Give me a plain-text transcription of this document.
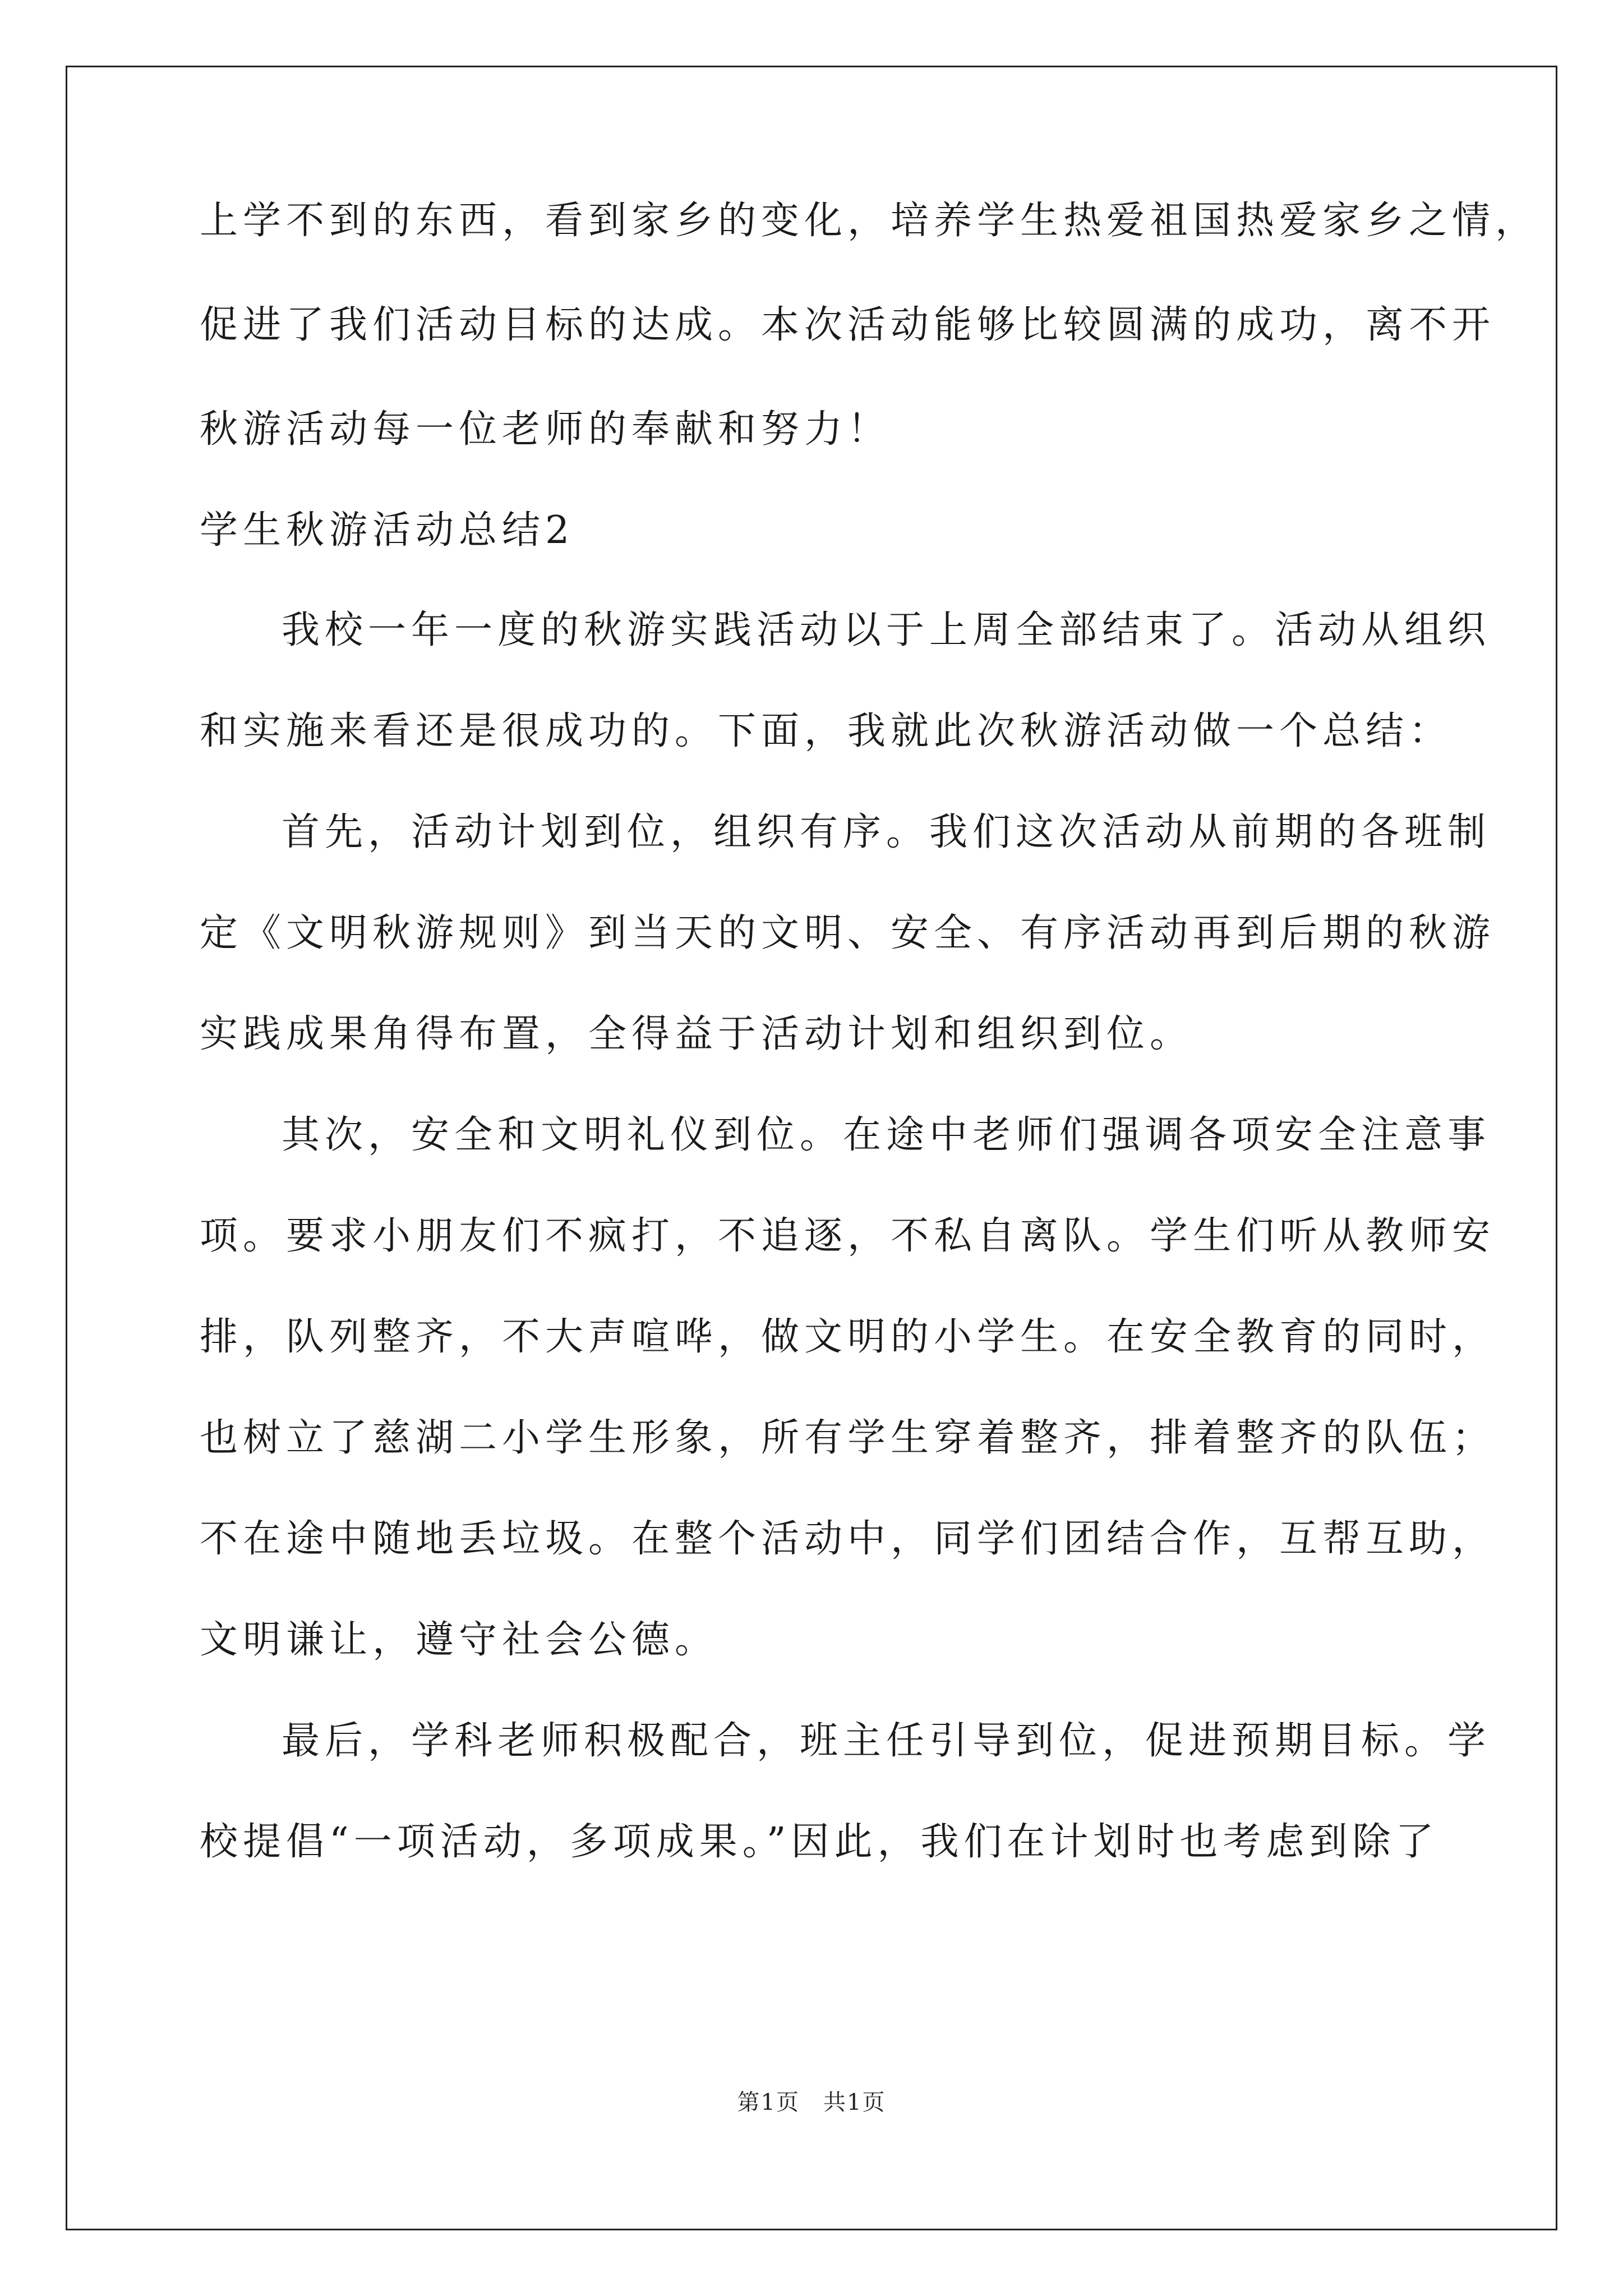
上学不到的东西，看到家乡的变化，培养学生热爱祖国热爱家乡之情，
促进了我们活动目标的达成。本次活动能够比较圆满的成功，离不开
秋游活动每一位老师的奉献和努力！
学生秋游活动总结2
我校一年一度的秋游实践活动以于上周全部结束了。活动从组织
和实施来看还是很成功的。下面，我就此次秋游活动做一个总结：
首先，活动计划到位，组织有序。我们这次活动从前期的各班制
定《文明秋游规则》到当天的文明、安全、有序活动再到后期的秋游
实践成果角得布置，全得益于活动计划和组织到位。
其次，安全和文明礼仪到位。在途中老师们强调各项安全注意事
项。要求小朋友们不疯打，不追逐，不私自离队。学生们听从教师安
排，队列整齐，不大声喧哗，做文明的小学生。在安全教育的同时，
也树立了慈湖二小学生形象，所有学生穿着整齐，排着整齐的队伍；
不在途中随地丢垃圾。在整个活动中，同学们团结合作，互帮互助，
文明谦让，遵守社会公德。
最后，学科老师积极配合，班主任引导到位，促进预期目标。学
校提倡“一项活动，多项成果。”因此，我们在计划时也考虑到除了
第1页　共1页
